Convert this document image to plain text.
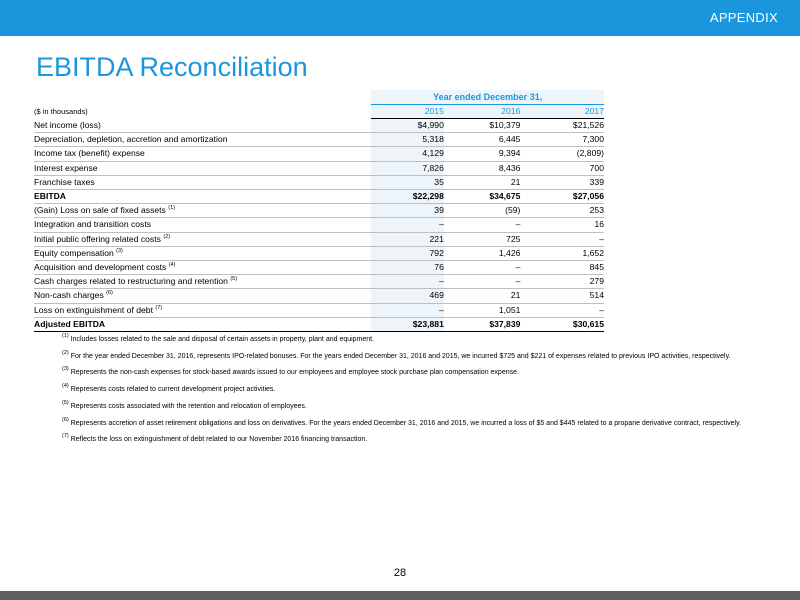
APPENDIX
EBITDA Reconciliation
	Year ended December 31,		
($ in thousands)	2015	2016	2017
Net income (loss)	$4,990	$10,379	$21,526
Depreciation, depletion, accretion and amortization	5,318	6,445	7,300
Income tax (benefit) expense	4,129	9,394	(2,809)
Interest expense	7,826	8,436	700
Franchise taxes	35	21	339
EBITDA	$22,298	$34,675	$27,056
(Gain) Loss on sale of fixed assets $^{(1)}$	39	(59)	253
Integration and transition costs	–	–	16
Initial public offering related costs $^{(2)}$	221	725	–
Equity compensation $^{(3)}$	792	1,426	1,652
Acquisition and development costs $^{(4)}$	76	–	845
Cash charges related to restructuring and retention $^{(5)}$	–	–	279
Non-cash charges $^{(6)}$	469	21	514
Loss on extinguishment of debt $^{(7)}$	–	1,051	–
Adjusted EBITDA	$23,881	$37,839	$30,615

$^{(1)}$ Includes losses related to the sale and disposal of certain assets in property, plant and equipment.

$^{(2)}$ For the year ended December 31, 2016, represents IPO-related bonuses. For the years ended December 31, 2016 and 2015, we incurred $725 and $221 of expenses related to previous IPO activities, respectively.

$^{(3)}$ Represents the non-cash expenses for stock-based awards issued to our employees and employee stock purchase plan compensation expense.

$^{(4)}$ Represents costs related to current development project activities.

$^{(5)}$ Represents costs associated with the retention and relocation of employees.

$^{(6)}$ Represents accretion of asset retirement obligations and loss on derivatives. For the years ended December 31, 2016 and 2015, we incurred a loss of $5 and $445 related to a propane derivative contract, respectively.

$^{(7)}$ Reflects the loss on extinguishment of debt related to our November 2016 financing transaction.

28
